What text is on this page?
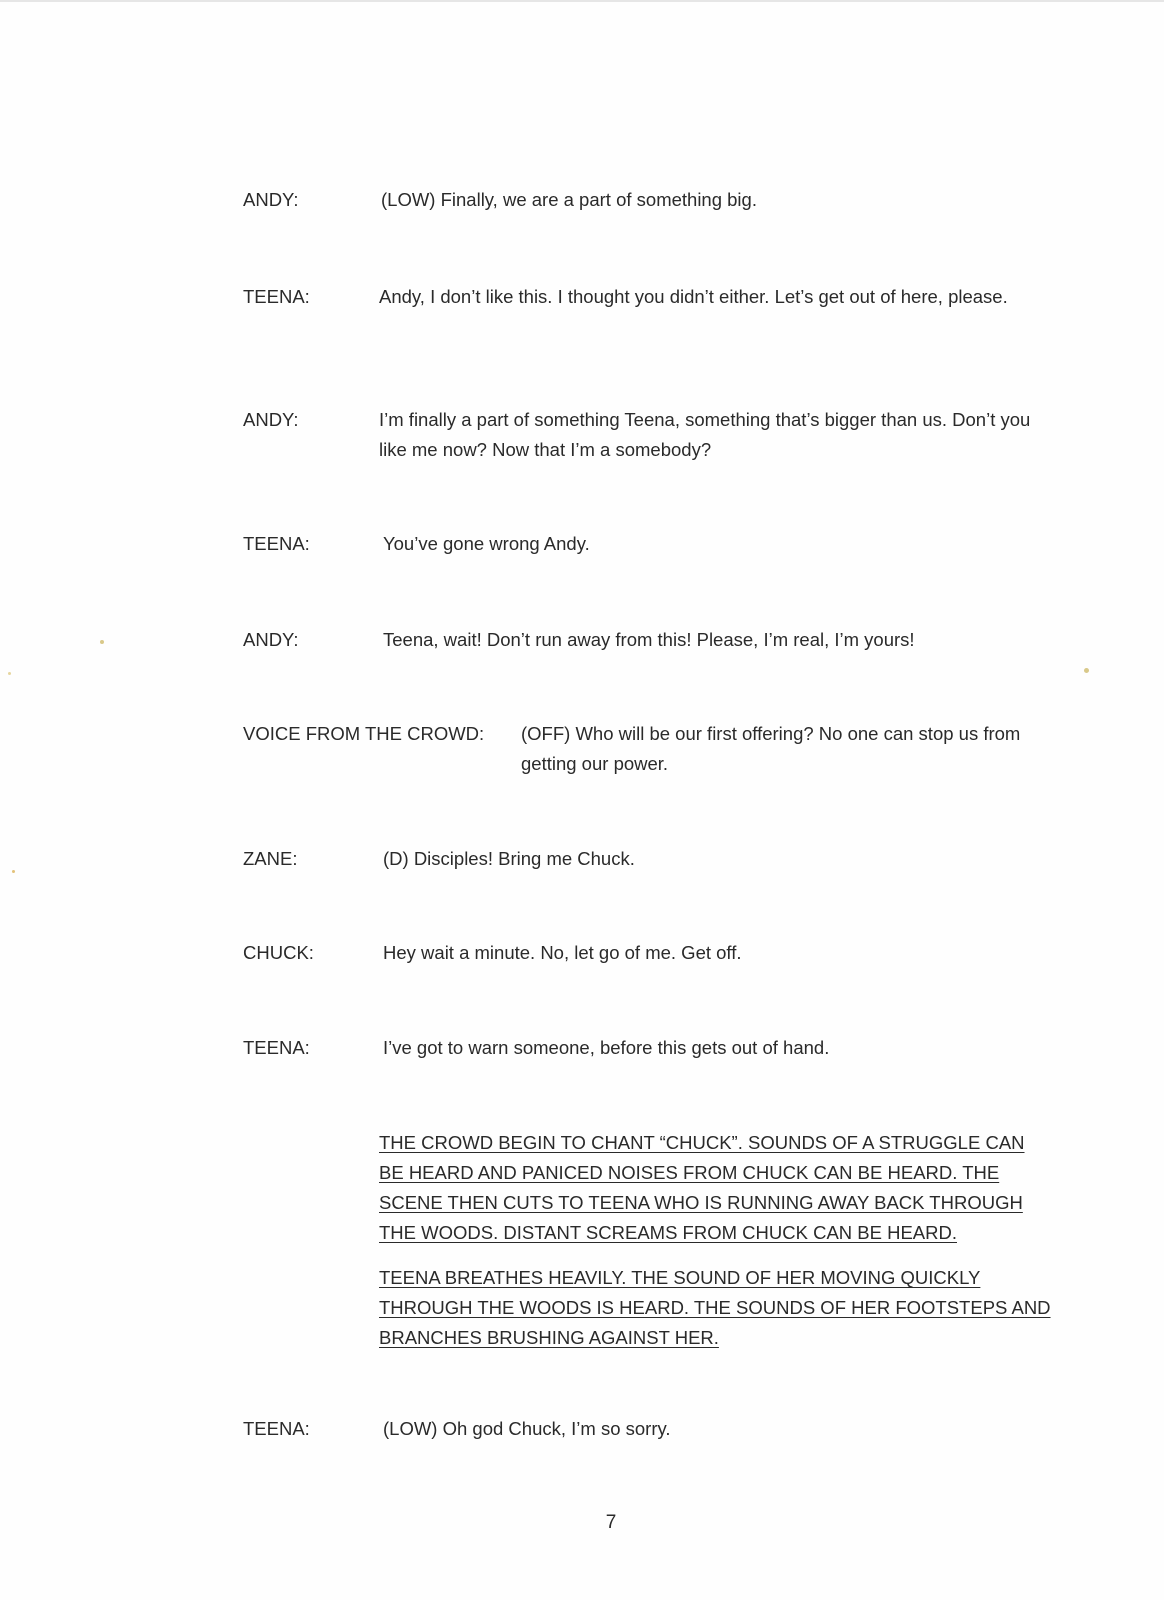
ANDY:	(LOW) Finally, we are a part of something big.
TEENA:	Andy, I don’t like this. I thought you didn’t either. Let’s get out of here, please.
ANDY:	I’m finally a part of something Teena, something that’s bigger than us. Don’t you like me now? Now that I’m a somebody?
TEENA:	You’ve gone wrong Andy.
ANDY:	Teena, wait! Don’t run away from this! Please, I’m real, I’m yours!
VOICE FROM THE CROWD: (OFF) Who will be our first offering? No one can stop us from getting our power.
ZANE:	(D) Disciples! Bring me Chuck.
CHUCK:	Hey wait a minute. No, let go of me. Get off.
TEENA:	I’ve got to warn someone, before this gets out of hand.
THE CROWD BEGIN TO CHANT “CHUCK”. SOUNDS OF A STRUGGLE CAN BE HEARD AND PANICED NOISES FROM CHUCK CAN BE HEARD. THE SCENE THEN CUTS TO TEENA WHO IS RUNNING AWAY BACK THROUGH THE WOODS. DISTANT SCREAMS FROM CHUCK CAN BE HEARD.
TEENA BREATHES HEAVILY. THE SOUND OF HER MOVING QUICKLY THROUGH THE WOODS IS HEARD. THE SOUNDS OF HER FOOTSTEPS AND BRANCHES BRUSHING AGAINST HER.
TEENA:	(LOW) Oh god Chuck, I’m so sorry.
7
